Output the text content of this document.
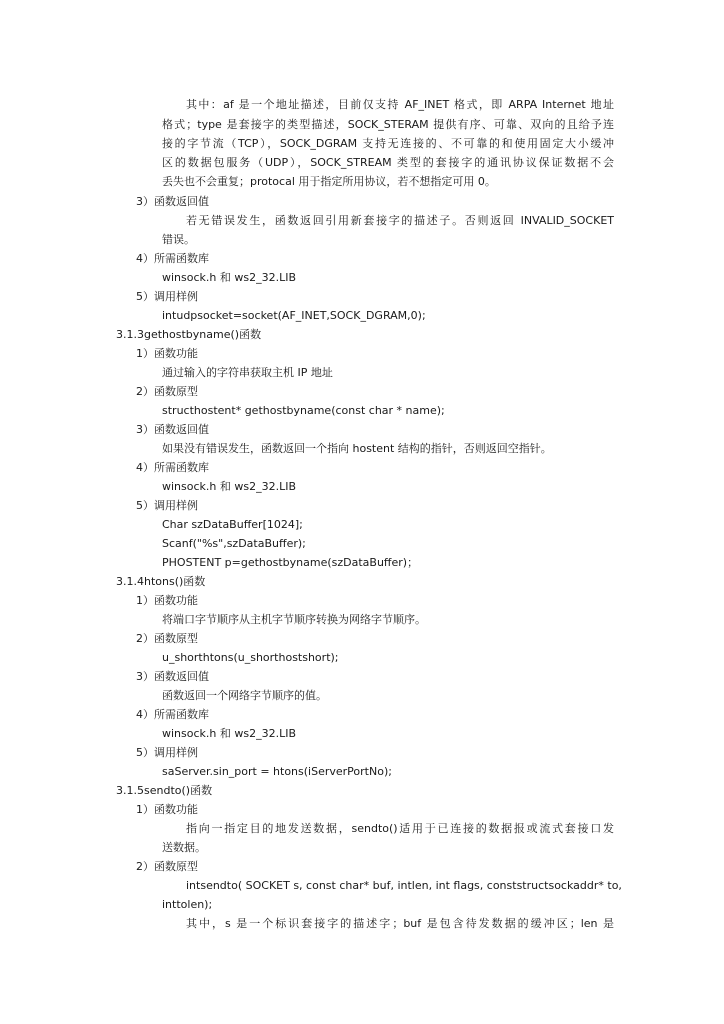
其中：af 是一个地址描述，目前仅支持 AF_INET 格式，即 ARPA Internet 地址
格式；type 是套接字的类型描述，SOCK_STERAM 提供有序、可靠、双向的且给予连
接的字节流（TCP），SOCK_DGRAM 支持无连接的、不可靠的和使用固定大小缓冲
区的数据包服务（UDP），SOCK_STREAM 类型的套接字的通讯协议保证数据不会
丢失也不会重复；protocal 用于指定所用协议，若不想指定可用 0。
3）函数返回值
若无错误发生，函数返回引用新套接字的描述子。否则返回 INVALID_SOCKET
错误。
4）所需函数库
winsock.h 和 ws2_32.LIB
5）调用样例
intudpsocket=socket(AF_INET,SOCK_DGRAM,0);
3.1.3gethostbyname()函数
1）函数功能
通过输入的字符串获取主机 IP 地址
2）函数原型
structhostent* gethostbyname(const char * name);
3）函数返回值
如果没有错误发生，函数返回一个指向 hostent 结构的指针，否则返回空指针。
4）所需函数库
winsock.h 和 ws2_32.LIB
5）调用样例
Char szDataBuffer[1024];
Scanf("%s",szDataBuffer);
PHOSTENT p=gethostbyname(szDataBuffer)；
3.1.4htons()函数
1）函数功能
将端口字节顺序从主机字节顺序转换为网络字节顺序。
2）函数原型
u_shorthtons(u_shorthostshort);
3）函数返回值
函数返回一个网络字节顺序的值。
4）所需函数库
winsock.h 和 ws2_32.LIB
5）调用样例
saServer.sin_port = htons(iServerPortNo);
3.1.5sendto()函数
1）函数功能
指向一指定目的地发送数据，sendto()适用于已连接的数据报或流式套接口发
送数据。
2）函数原型
intsendto( SOCKET s, const char* buf, intlen, int flags, conststructsockaddr* to,
inttolen);
其中，s 是一个标识套接字的描述字；buf 是包含待发数据的缓冲区；len 是
